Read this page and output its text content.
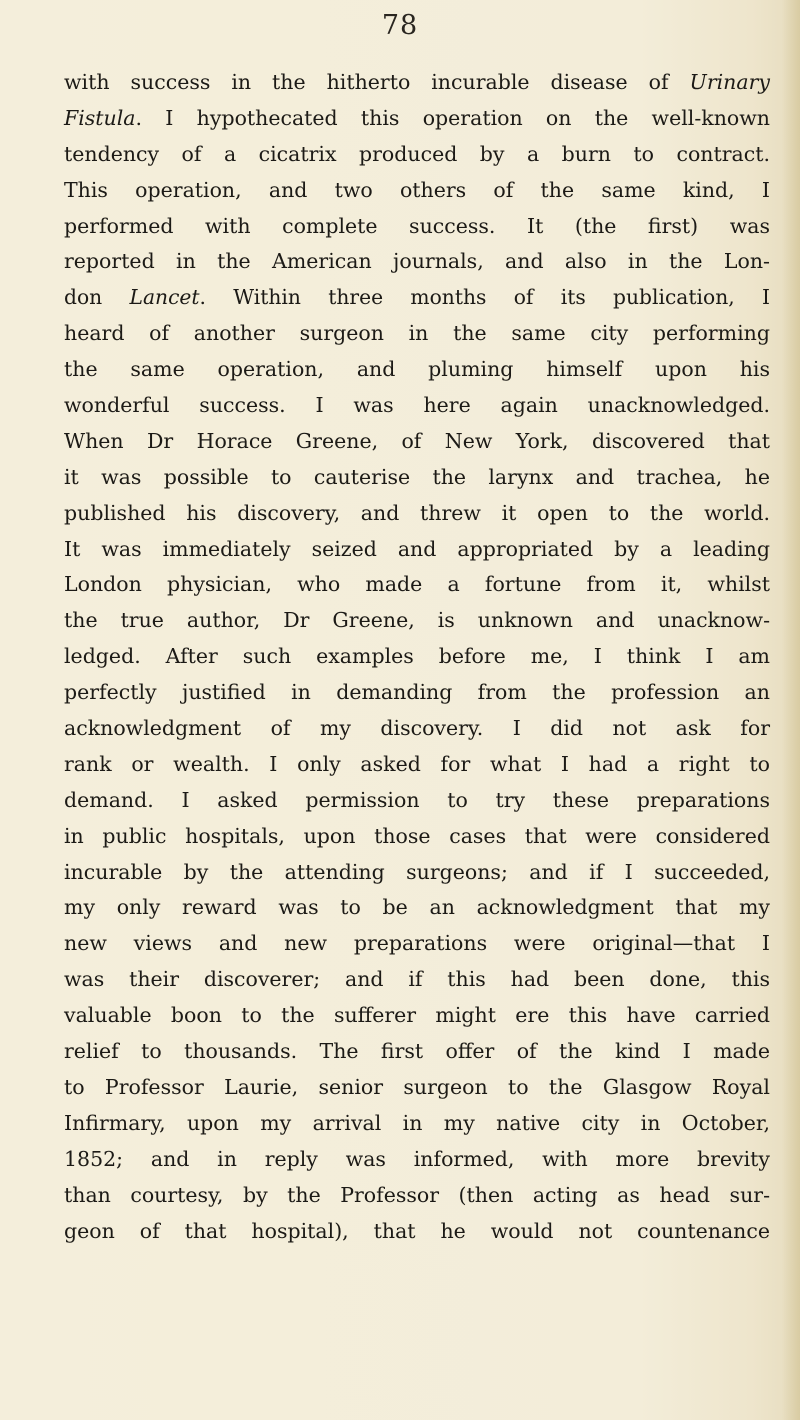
78
with success in the hitherto incurable disease of Urinary
Fistula. I hypothecated this operation on the well-known
tendency of a cicatrix produced by a burn to contract.
This operation, and two others of the same kind, I
performed with complete success. It (the first) was
reported in the American journals, and also in the Lon-
don Lancet. Within three months of its publication, I
heard of another surgeon in the same city performing
the same operation, and pluming himself upon his
wonderful success. I was here again unacknowledged.
When Dr Horace Greene, of New York, discovered that
it was possible to cauterise the larynx and trachea, he
published his discovery, and threw it open to the world.
It was immediately seized and appropriated by a leading
London physician, who made a fortune from it, whilst
the true author, Dr Greene, is unknown and unacknow-
ledged. After such examples before me, I think I am
perfectly justified in demanding from the profession an
acknowledgment of my discovery. I did not ask for
rank or wealth. I only asked for what I had a right to
demand. I asked permission to try these preparations
in public hospitals, upon those cases that were considered
incurable by the attending surgeons; and if I succeeded,
my only reward was to be an acknowledgment that my
new views and new preparations were original—that I
was their discoverer; and if this had been done, this
valuable boon to the sufferer might ere this have carried
relief to thousands. The first offer of the kind I made
to Professor Laurie, senior surgeon to the Glasgow Royal
Infirmary, upon my arrival in my native city in October,
1852; and in reply was informed, with more brevity
than courtesy, by the Professor (then acting as head sur-
geon of that hospital), that he would not countenance
